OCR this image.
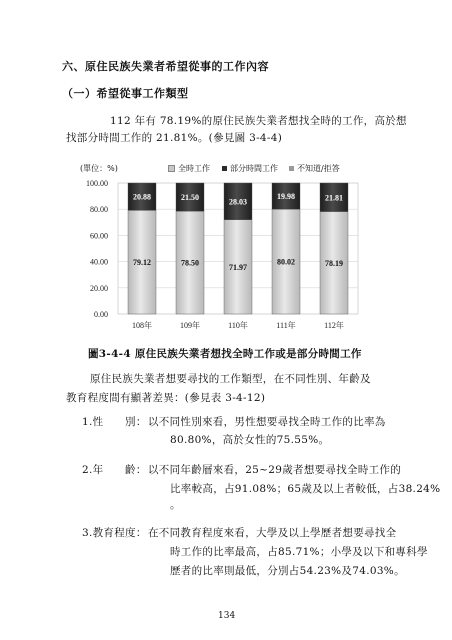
六、原住民族失業者希望從事的工作內容
（一）希望從事工作類型
112 年有 78.19%的原住民族失業者想找全時的工作，高於想
找部分時間工作的 21.81%。(參見圖 3-4-4)
(單位：%)	全時工作	部分時間工作 不知道/拒答
0.00
20.00
40.00
60.00
80.00
100.00
79.12
20.88
108年
78.50
21.50
109年
71.97
28.03
110年
80.02
19.98
111年
78.19
21.81
112年
圖3-4-4 原住民族失業者想找全時工作或是部分時間工作
原住民族失業者想要尋找的工作類型，在不同性別、年齡及
教育程度間有顯著差異：(參見表 3-4-12)
1.性　　別： 以不同性別來看，男性想要尋找全時工作的比率為
80.80%，高於女性的75.55%。
2.年　　齡： 以不同年齡層來看，25~29歲者想要尋找全時工作的
比率較高，占91.08%；65歲及以上者較低，占38.24%
。
3.教育程度： 在不同教育程度來看，大學及以上學歷者想要尋找全
時工作的比率最高，占85.71%；小學及以下和專科學
歷者的比率則最低，分別占54.23%及74.03%。
134
